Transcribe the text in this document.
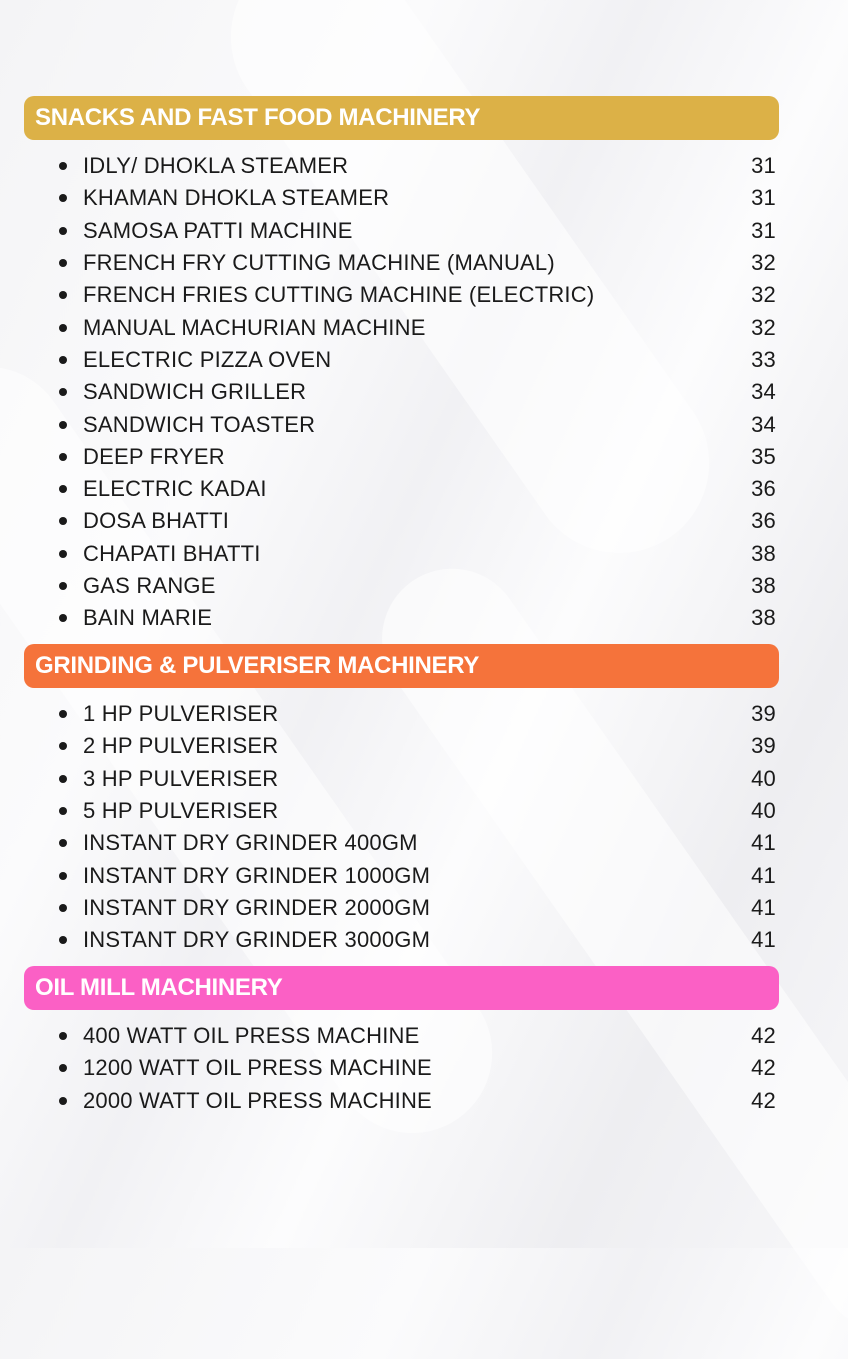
SNACKS AND FAST FOOD MACHINERY
IDLY/ DHOKLA STEAMER	31
KHAMAN DHOKLA STEAMER	31
SAMOSA PATTI MACHINE	31
FRENCH FRY CUTTING MACHINE (MANUAL)	32
FRENCH FRIES CUTTING MACHINE (ELECTRIC)	32
MANUAL MACHURIAN MACHINE	32
ELECTRIC PIZZA OVEN	33
SANDWICH GRILLER	34
SANDWICH TOASTER	34
DEEP FRYER	35
ELECTRIC KADAI	36
DOSA BHATTI	36
CHAPATI BHATTI	38
GAS RANGE	38
BAIN MARIE	38
GRINDING & PULVERISER MACHINERY
1 HP PULVERISER	39
2 HP PULVERISER	39
3 HP PULVERISER	40
5 HP PULVERISER	40
INSTANT DRY GRINDER 400GM	41
INSTANT DRY GRINDER 1000GM	41
INSTANT DRY GRINDER 2000GM	41
INSTANT DRY GRINDER 3000GM	41
OIL MILL MACHINERY
400 WATT OIL PRESS MACHINE	42
1200 WATT OIL PRESS MACHINE	42
2000 WATT OIL PRESS MACHINE	42
